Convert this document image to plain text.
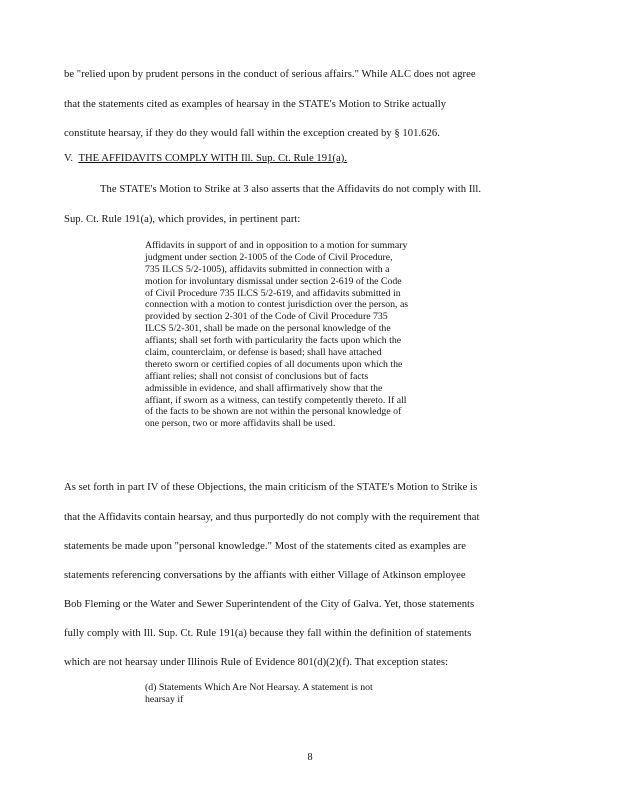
be "relied upon by prudent persons in the conduct of serious affairs." While ALC does not agree
that the statements cited as examples of hearsay in the STATE's Motion to Strike actually
constitute hearsay, if they do they would fall within the exception created by § 101.626.
V. THE AFFIDAVITS COMPLY WITH Ill. Sup. Ct. Rule 191(a).
The STATE's Motion to Strike at 3 also asserts that the Affidavits do not comply with Ill.
Sup. Ct. Rule 191(a), which provides, in pertinent part:
Affidavits in support of and in opposition to a motion for summary
judgment under section 2-1005 of the Code of Civil Procedure,
735 ILCS 5/2-1005), affidavits submitted in connection with a
motion for involuntary dismissal under section 2-619 of the Code
of Civil Procedure 735 ILCS 5/2-619, and affidavits submitted in
connection with a motion to contest jurisdiction over the person, as
provided by section 2-301 of the Code of Civil Procedure 735
ILCS 5/2-301, shall be made on the personal knowledge of the
affiants; shall set forth with particularity the facts upon which the
claim, counterclaim, or defense is based; shall have attached
thereto sworn or certified copies of all documents upon which the
affiant relies; shall not consist of conclusions but of facts
admissible in evidence, and shall affirmatively show that the
affiant, if sworn as a witness, can testify competently thereto. If all
of the facts to be shown are not within the personal knowledge of
one person, two or more affidavits shall be used.
As set forth in part IV of these Objections, the main criticism of the STATE's Motion to Strike is
that the Affidavits contain hearsay, and thus purportedly do not comply with the requirement that
statements be made upon "personal knowledge." Most of the statements cited as examples are
statements referencing conversations by the affiants with either Village of Atkinson employee
Bob Fleming or the Water and Sewer Superintendent of the City of Galva. Yet, those statements
fully comply with Ill. Sup. Ct. Rule 191(a) because they fall within the definition of statements
which are not hearsay under Illinois Rule of Evidence 801(d)(2)(f). That exception states:
(d) Statements Which Are Not Hearsay. A statement is not
hearsay if
8
